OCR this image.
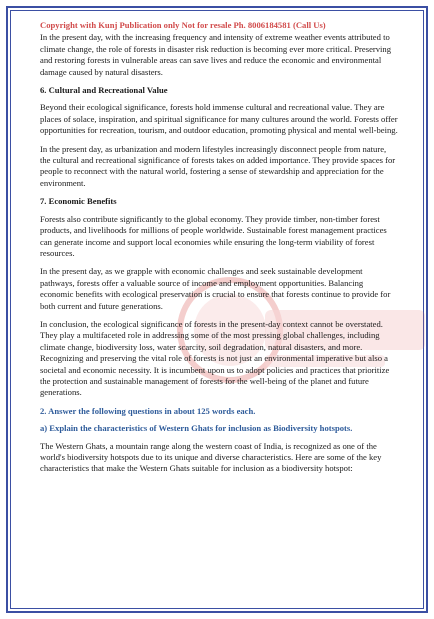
Copyright with Kunj Publication only Not for resale Ph. 8006184581 (Call Us)

In the present day, with the increasing frequency and intensity of extreme weather events attributed to climate change, the role of forests in disaster risk reduction is becoming ever more critical. Preserving and restoring forests in vulnerable areas can save lives and reduce the economic and environmental damage caused by natural disasters.

6. Cultural and Recreational Value

Beyond their ecological significance, forests hold immense cultural and recreational value. They are places of solace, inspiration, and spiritual significance for many cultures around the world. Forests offer opportunities for recreation, tourism, and outdoor education, promoting physical and mental well-being.

In the present day, as urbanization and modern lifestyles increasingly disconnect people from nature, the cultural and recreational significance of forests takes on added importance. They provide spaces for people to reconnect with the natural world, fostering a sense of stewardship and appreciation for the environment.

7. Economic Benefits

Forests also contribute significantly to the global economy. They provide timber, non-timber forest products, and livelihoods for millions of people worldwide. Sustainable forest management practices can generate income and support local economies while ensuring the long-term viability of forest resources.

In the present day, as we grapple with economic challenges and seek sustainable development pathways, forests offer a valuable source of income and employment opportunities. Balancing economic benefits with ecological preservation is crucial to ensure that forests continue to provide for both current and future generations.

In conclusion, the ecological significance of forests in the present-day context cannot be overstated. They play a multifaceted role in addressing some of the most pressing global challenges, including climate change, biodiversity loss, water scarcity, soil degradation, natural disasters, and more. Recognizing and preserving the vital role of forests is not just an environmental imperative but also a societal and economic necessity. It is incumbent upon us to adopt policies and practices that prioritize the protection and sustainable management of forests for the well-being of the planet and future generations.

2. Answer the following questions in about 125 words each.
a) Explain the characteristics of Western Ghats for inclusion as Biodiversity hotspots.

The Western Ghats, a mountain range along the western coast of India, is recognized as one of the world's biodiversity hotspots due to its unique and diverse characteristics. Here are some of the key characteristics that make the Western Ghats suitable for inclusion as a biodiversity hotspot:
